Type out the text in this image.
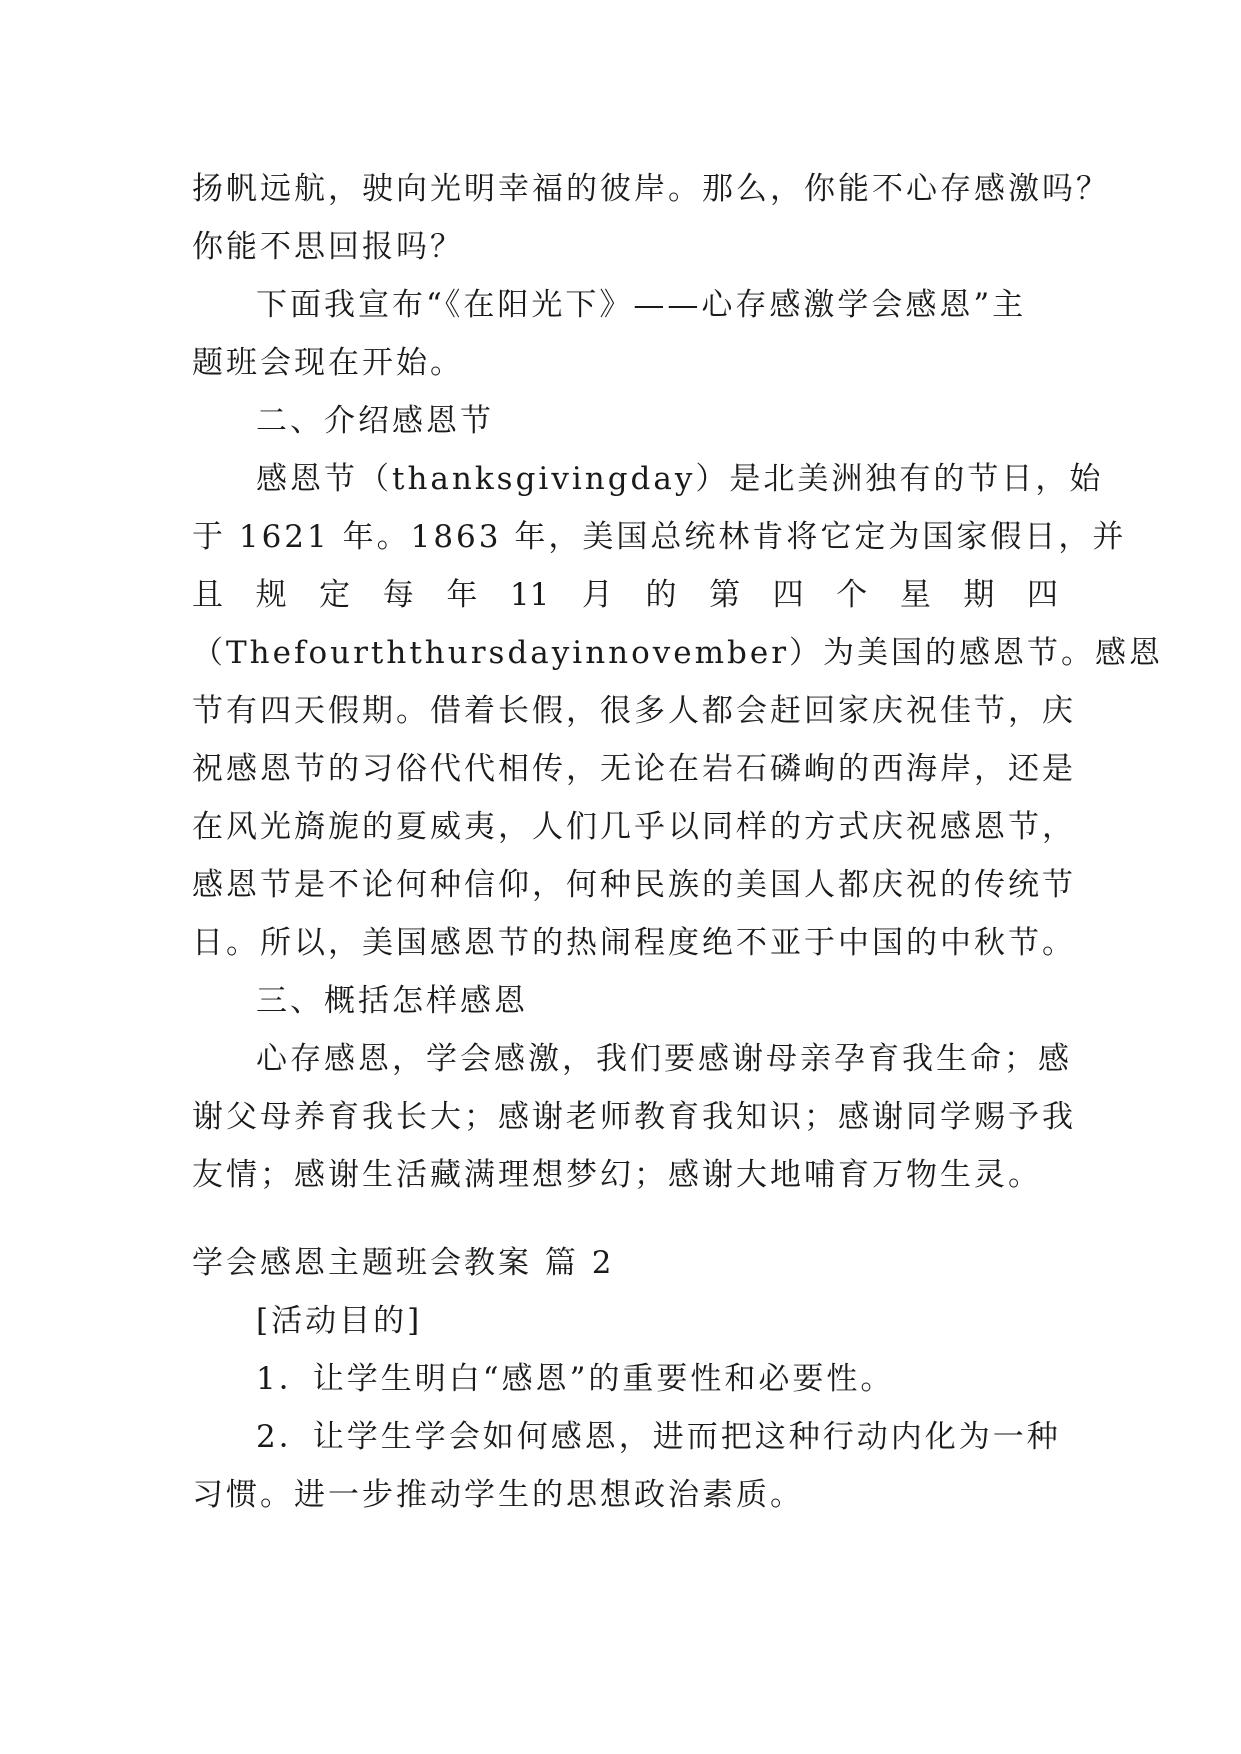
扬帆远航，驶向光明幸福的彼岸。那么，你能不心存感激吗？
你能不思回报吗？
下面我宣布“《在阳光下》——心存感激学会感恩”主
题班会现在开始。
二、介绍感恩节
感恩节（thanksgivingday）是北美洲独有的节日，始
于 1621 年。1863 年，美国总统林肯将它定为国家假日，并
且 规 定 每 年 11 月 的 第 四 个 星 期 四
（Thefourththursdayinnovember）为美国的感恩节。感恩
节有四天假期。借着长假，很多人都会赶回家庆祝佳节，庆
祝感恩节的习俗代代相传，无论在岩石磷峋的西海岸，还是
在风光旖旎的夏威夷，人们几乎以同样的方式庆祝感恩节，
感恩节是不论何种信仰，何种民族的美国人都庆祝的传统节
日。所以，美国感恩节的热闹程度绝不亚于中国的中秋节。
三、概括怎样感恩
心存感恩，学会感激，我们要感谢母亲孕育我生命；感
谢父母养育我长大；感谢老师教育我知识；感谢同学赐予我
友情；感谢生活藏满理想梦幻；感谢大地哺育万物生灵。
学会感恩主题班会教案 篇 2
[活动目的]
1．让学生明白“感恩”的重要性和必要性。
2．让学生学会如何感恩，进而把这种行动内化为一种
习惯。进一步推动学生的思想政治素质。
